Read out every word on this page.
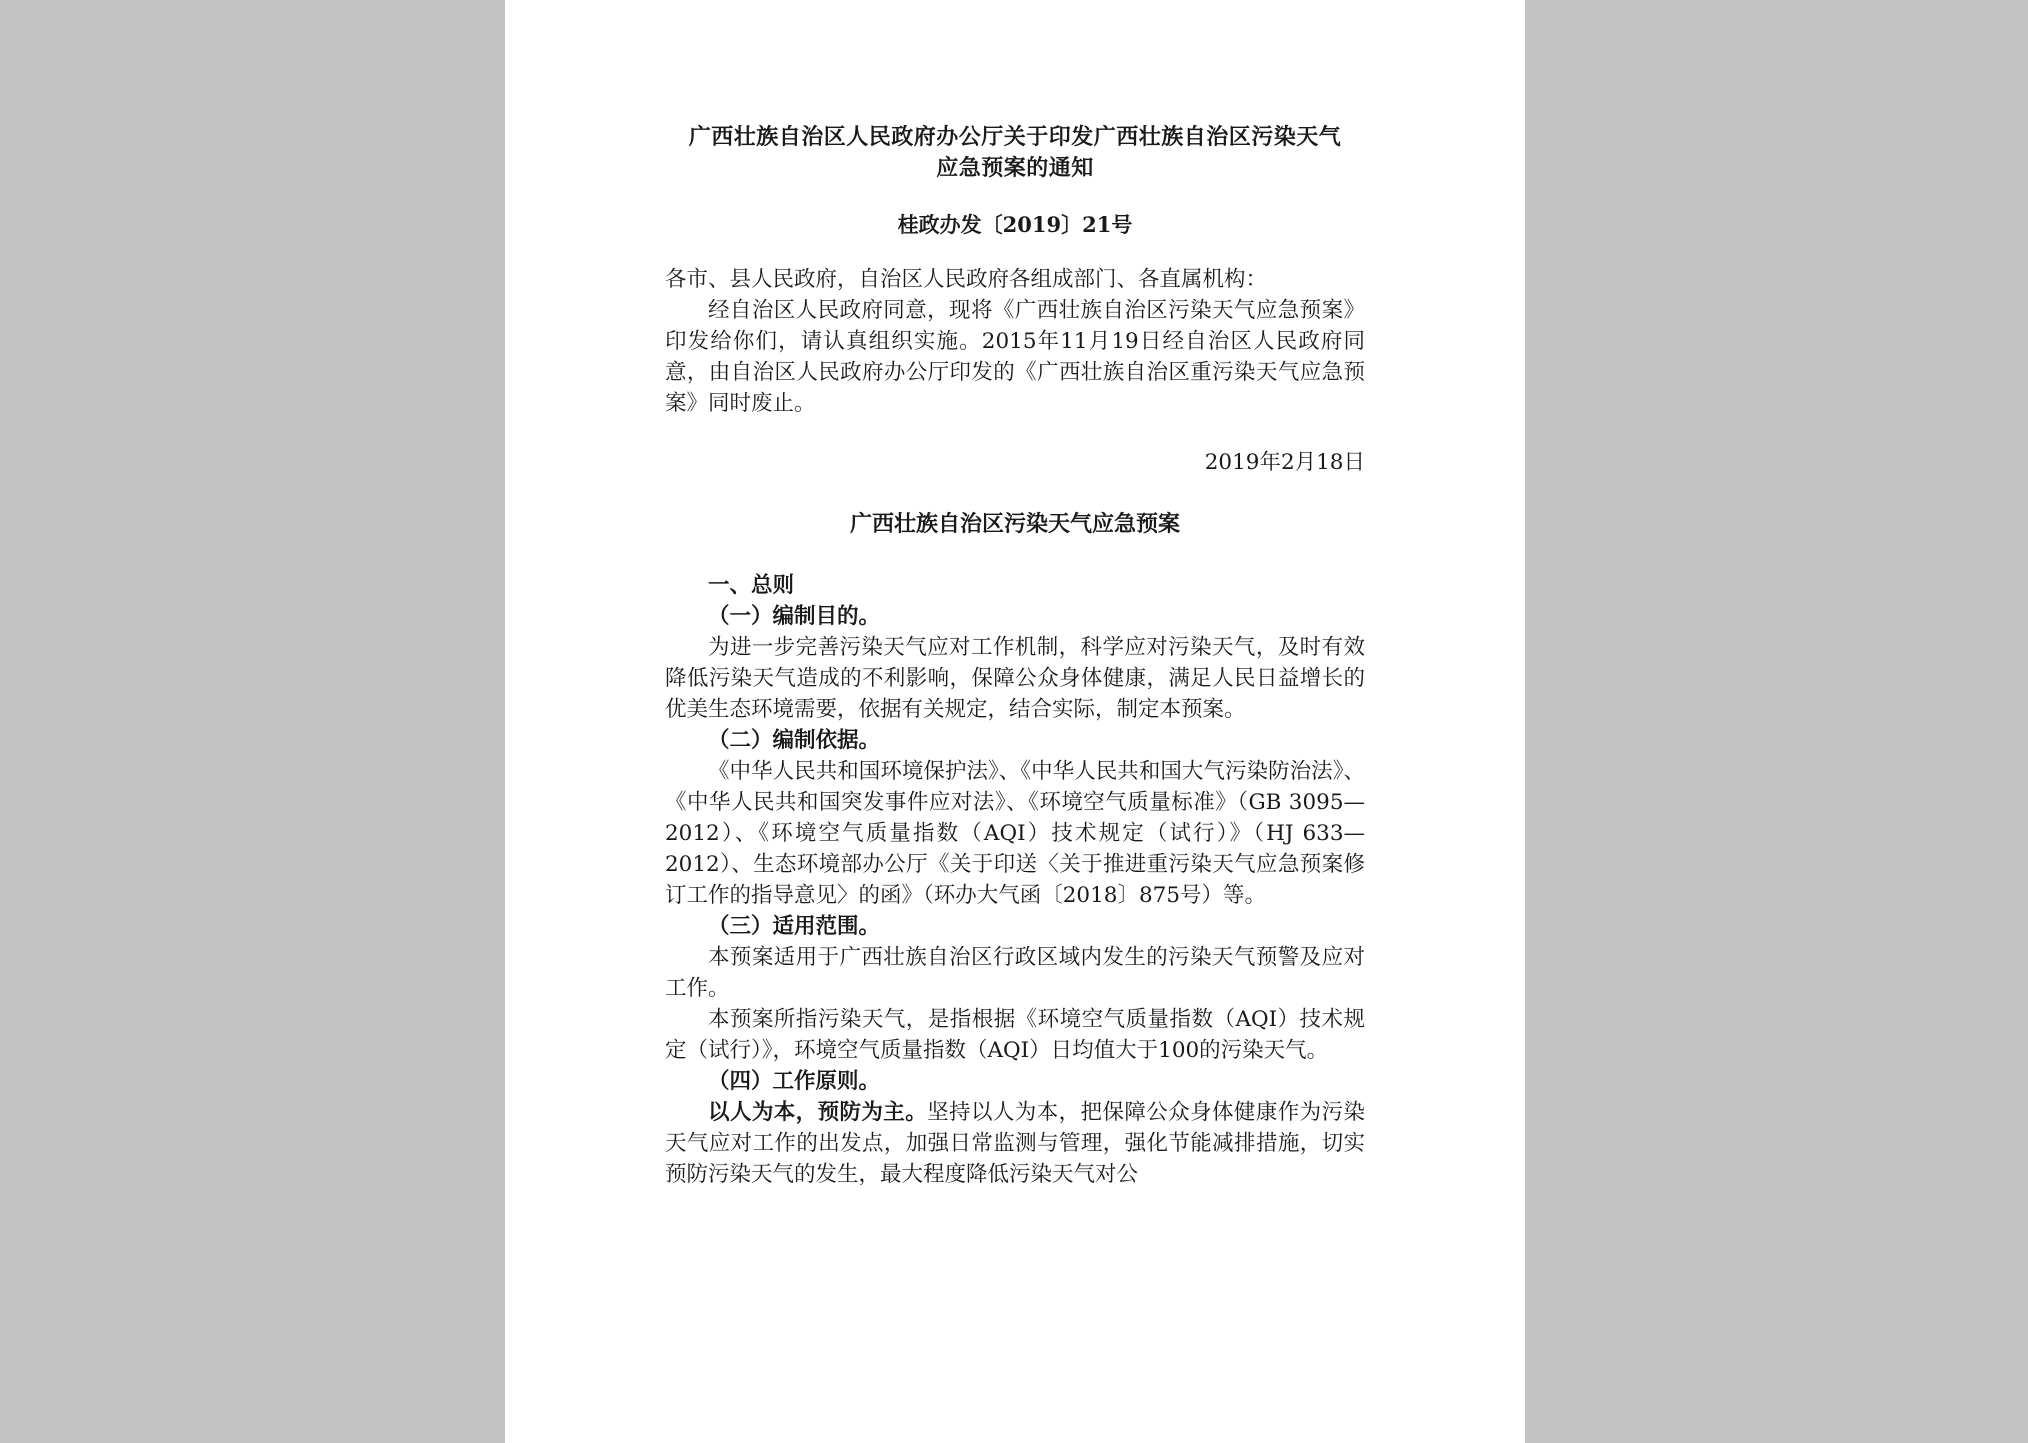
广西壮族自治区人民政府办公厅关于印发广西壮族自治区污染天气
应急预案的通知
桂政办发〔2019〕21号

各市、县人民政府，自治区人民政府各组成部门、各直属机构：

经自治区人民政府同意，现将《广西壮族自治区污染天气应急预案》印发给你们，请认真组织实施。2015年11月19日经自治区人民政府同意，由自治区人民政府办公厅印发的《广西壮族自治区重污染天气应急预案》同时废止。

2019年2月18日
广西壮族自治区污染天气应急预案
一、总则
（一）编制目的。

为进一步完善污染天气应对工作机制，科学应对污染天气，及时有效降低污染天气造成的不利影响，保障公众身体健康，满足人民日益增长的优美生态环境需要，依据有关规定，结合实际，制定本预案。

（二）编制依据。

《中华人民共和国环境保护法》、《中华人民共和国大气污染防治法》、《中华人民共和国突发事件应对法》、《环境空气质量标准》（GB 3095—2012）、《环境空气质量指数（AQI）技术规定（试行）》（HJ 633—2012）、生态环境部办公厅《关于印送〈关于推进重污染天气应急预案修订工作的指导意见〉的函》（环办大气函〔2018〕875号）等。

（三）适用范围。

本预案适用于广西壮族自治区行政区域内发生的污染天气预警及应对工作。

本预案所指污染天气，是指根据《环境空气质量指数（AQI）技术规定（试行）》，环境空气质量指数（AQI）日均值大于100的污染天气。

（四）工作原则。

以人为本，预防为主。坚持以人为本，把保障公众身体健康作为污染天气应对工作的出发点，加强日常监测与管理，强化节能减排措施，切实预防污染天气的发生，最大程度降低污染天气对公
